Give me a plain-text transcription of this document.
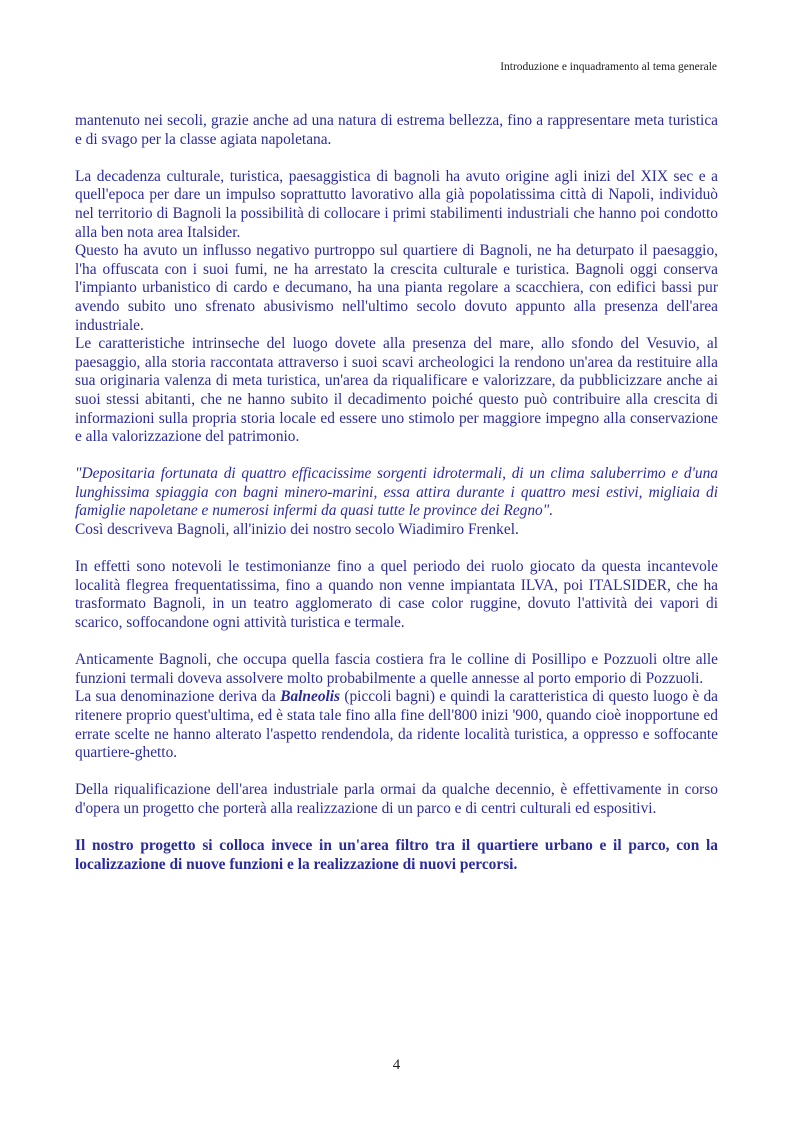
Introduzione e inquadramento al tema generale

mantenuto nei secoli, grazie anche ad una natura di estrema bellezza, fino a rappresentare meta turistica e di svago per la classe agiata napoletana.

La decadenza culturale, turistica, paesaggistica di bagnoli ha avuto origine agli inizi del XIX sec e a quell'epoca per dare un impulso soprattutto lavorativo alla già popolatissima città di Napoli, individuò nel territorio di Bagnoli la possibilità di collocare i primi stabilimenti industriali che hanno poi condotto alla ben nota area Italsider.

Questo ha avuto un influsso negativo purtroppo sul quartiere di Bagnoli, ne ha deturpato il paesaggio, l'ha offuscata con i suoi fumi, ne ha arrestato la crescita culturale e turistica. Bagnoli oggi conserva l'impianto urbanistico di cardo e decumano, ha una pianta regolare a scacchiera, con edifici bassi pur avendo subito uno sfrenato abusivismo nell'ultimo secolo dovuto appunto alla presenza dell'area industriale.

Le caratteristiche intrinseche del luogo dovete alla presenza del mare, allo sfondo del Vesuvio, al paesaggio, alla storia raccontata attraverso i suoi scavi archeologici la rendono un'area da restituire alla sua originaria valenza di meta turistica, un'area da riqualificare e valorizzare, da pubblicizzare anche ai suoi stessi abitanti, che ne hanno subito il decadimento poiché questo può contribuire alla crescita di informazioni sulla propria storia locale ed essere uno stimolo per maggiore impegno alla conservazione e alla valorizzazione del patrimonio.

"Depositaria fortunata di quattro efficacissime sorgenti idrotermali, di un clima saluberrimo e d'una lunghissima spiaggia con bagni minero-marini, essa attira durante i quattro mesi estivi, migliaia di famiglie napoletane e numerosi infermi da quasi tutte le province dei Regno".

Così descriveva Bagnoli, all'inizio dei nostro secolo Wiadimiro Frenkel.

In effetti sono notevoli le testimonianze fino a quel periodo dei ruolo giocato da questa incantevole località flegrea frequentatissima, fino a quando non venne impiantata ILVA, poi ITALSIDER, che ha trasformato Bagnoli, in un teatro agglomerato di case color ruggine, dovuto l'attività dei vapori di scarico, soffocandone ogni attività turistica e termale.

Anticamente Bagnoli, che occupa quella fascia costiera fra le colline di Posillipo e Pozzuoli oltre alle funzioni termali doveva assolvere molto probabilmente a quelle annesse al porto emporio di Pozzuoli.

La sua denominazione deriva da Balneolis (piccoli bagni) e quindi la caratteristica di questo luogo è da ritenere proprio quest'ultima, ed è stata tale fino alla fine dell'800 inizi '900, quando cioè inopportune ed errate scelte ne hanno alterato l'aspetto rendendola, da ridente località turistica, a oppresso e soffocante quartiere-ghetto.

Della riqualificazione dell'area industriale parla ormai da qualche decennio, è effettivamente in corso d'opera un progetto che porterà alla realizzazione di un parco e di centri culturali ed espositivi.

Il nostro progetto si colloca invece in un'area filtro tra il quartiere urbano e il parco, con la localizzazione di nuove funzioni e la realizzazione di nuovi percorsi.

4
